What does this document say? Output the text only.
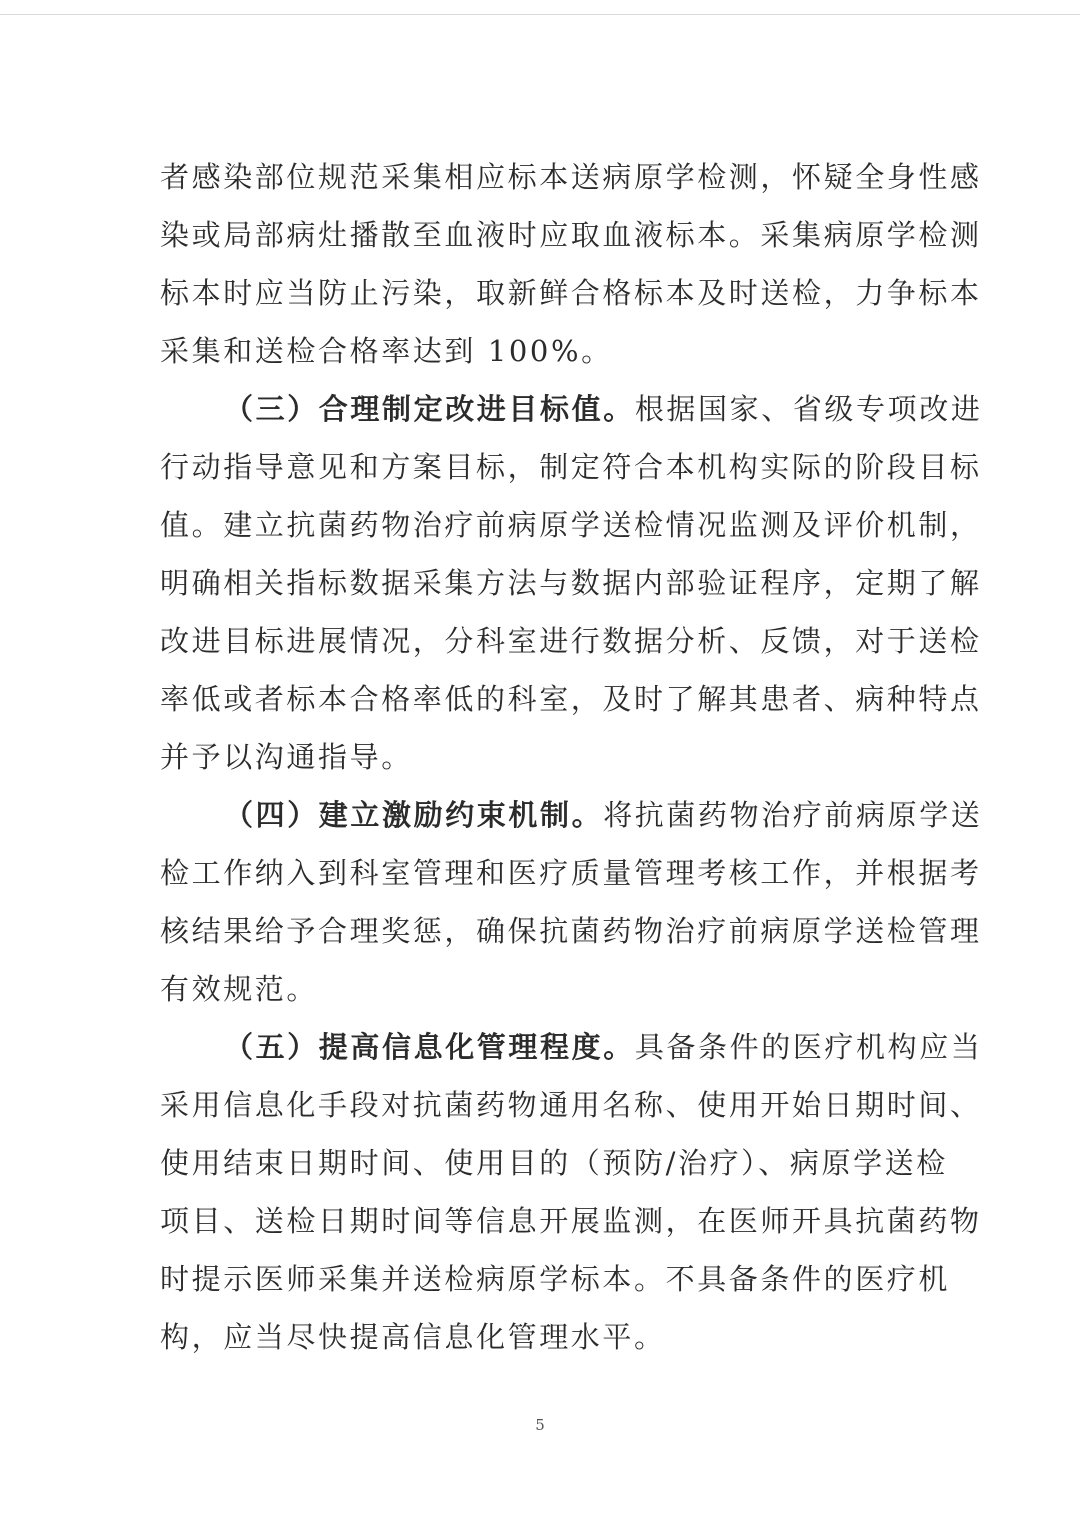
者感染部位规范采集相应标本送病原学检测，怀疑全身性感
染或局部病灶播散至血液时应取血液标本。采集病原学检测
标本时应当防止污染，取新鲜合格标本及时送检，力争标本
采集和送检合格率达到 100%。
（三）合理制定改进目标值。根据国家、省级专项改进
行动指导意见和方案目标，制定符合本机构实际的阶段目标
值。建立抗菌药物治疗前病原学送检情况监测及评价机制，
明确相关指标数据采集方法与数据内部验证程序，定期了解
改进目标进展情况，分科室进行数据分析、反馈，对于送检
率低或者标本合格率低的科室，及时了解其患者、病种特点
并予以沟通指导。
（四）建立激励约束机制。将抗菌药物治疗前病原学送
检工作纳入到科室管理和医疗质量管理考核工作，并根据考
核结果给予合理奖惩，确保抗菌药物治疗前病原学送检管理
有效规范。
（五）提高信息化管理程度。具备条件的医疗机构应当
采用信息化手段对抗菌药物通用名称、使用开始日期时间、
使用结束日期时间、使用目的（预防/治疗）、病原学送检
项目、送检日期时间等信息开展监测，在医师开具抗菌药物
时提示医师采集并送检病原学标本。不具备条件的医疗机
构，应当尽快提高信息化管理水平。
5
